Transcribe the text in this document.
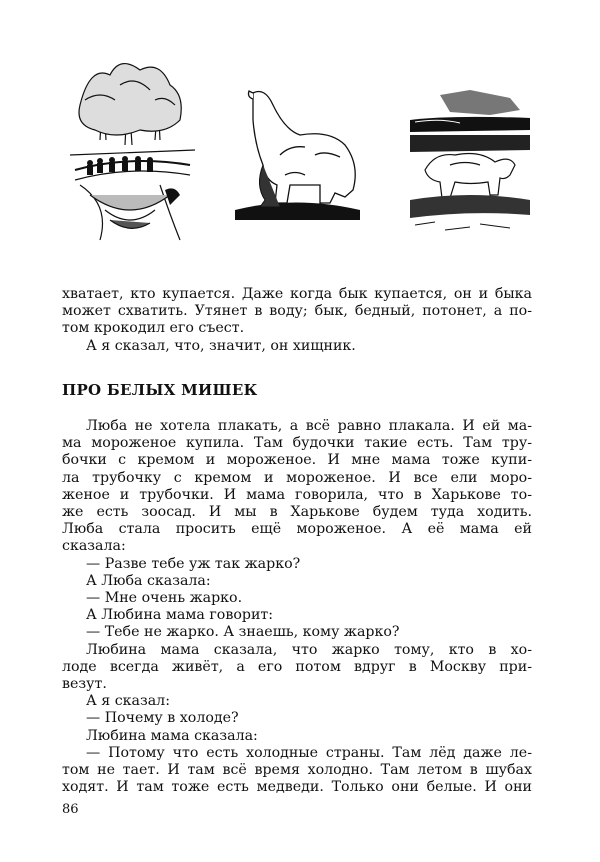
хватает, кто купается. Даже когда бык купается, он и быка
может схватить. Утянет в воду; бык, бедный, потонет, а по-
том крокодил его съест.
А я сказал, что, значит, он хищник.
ПРО БЕЛЫХ МИШЕК
Люба не хотела плакать, а всё равно плакала. И ей ма-
ма мороженое купила. Там будочки такие есть. Там тру-
бочки с кремом и мороженое. И мне мама тоже купи-
ла трубочку с кремом и мороженое. И все ели моро-
женое и трубочки. И мама говорила, что в Харькове то-
же есть зоосад. И мы в Харькове будем туда ходить.
Люба стала просить ещё мороженое. А её мама ей
сказала:
— Разве тебе уж так жарко?
А Люба сказала:
— Мне очень жарко.
А Любина мама говорит:
— Тебе не жарко. А знаешь, кому жарко?
Любина мама сказала, что жарко тому, кто в хо-
лоде всегда живёт, а его потом вдруг в Москву при-
везут.
А я сказал:
— Почему в холоде?
Любина мама сказала:
— Потому что есть холодные страны. Там лёд даже ле-
том не тает. И там всё время холодно. Там летом в шубах
ходят. И там тоже есть медведи. Только они белые. И они
86
